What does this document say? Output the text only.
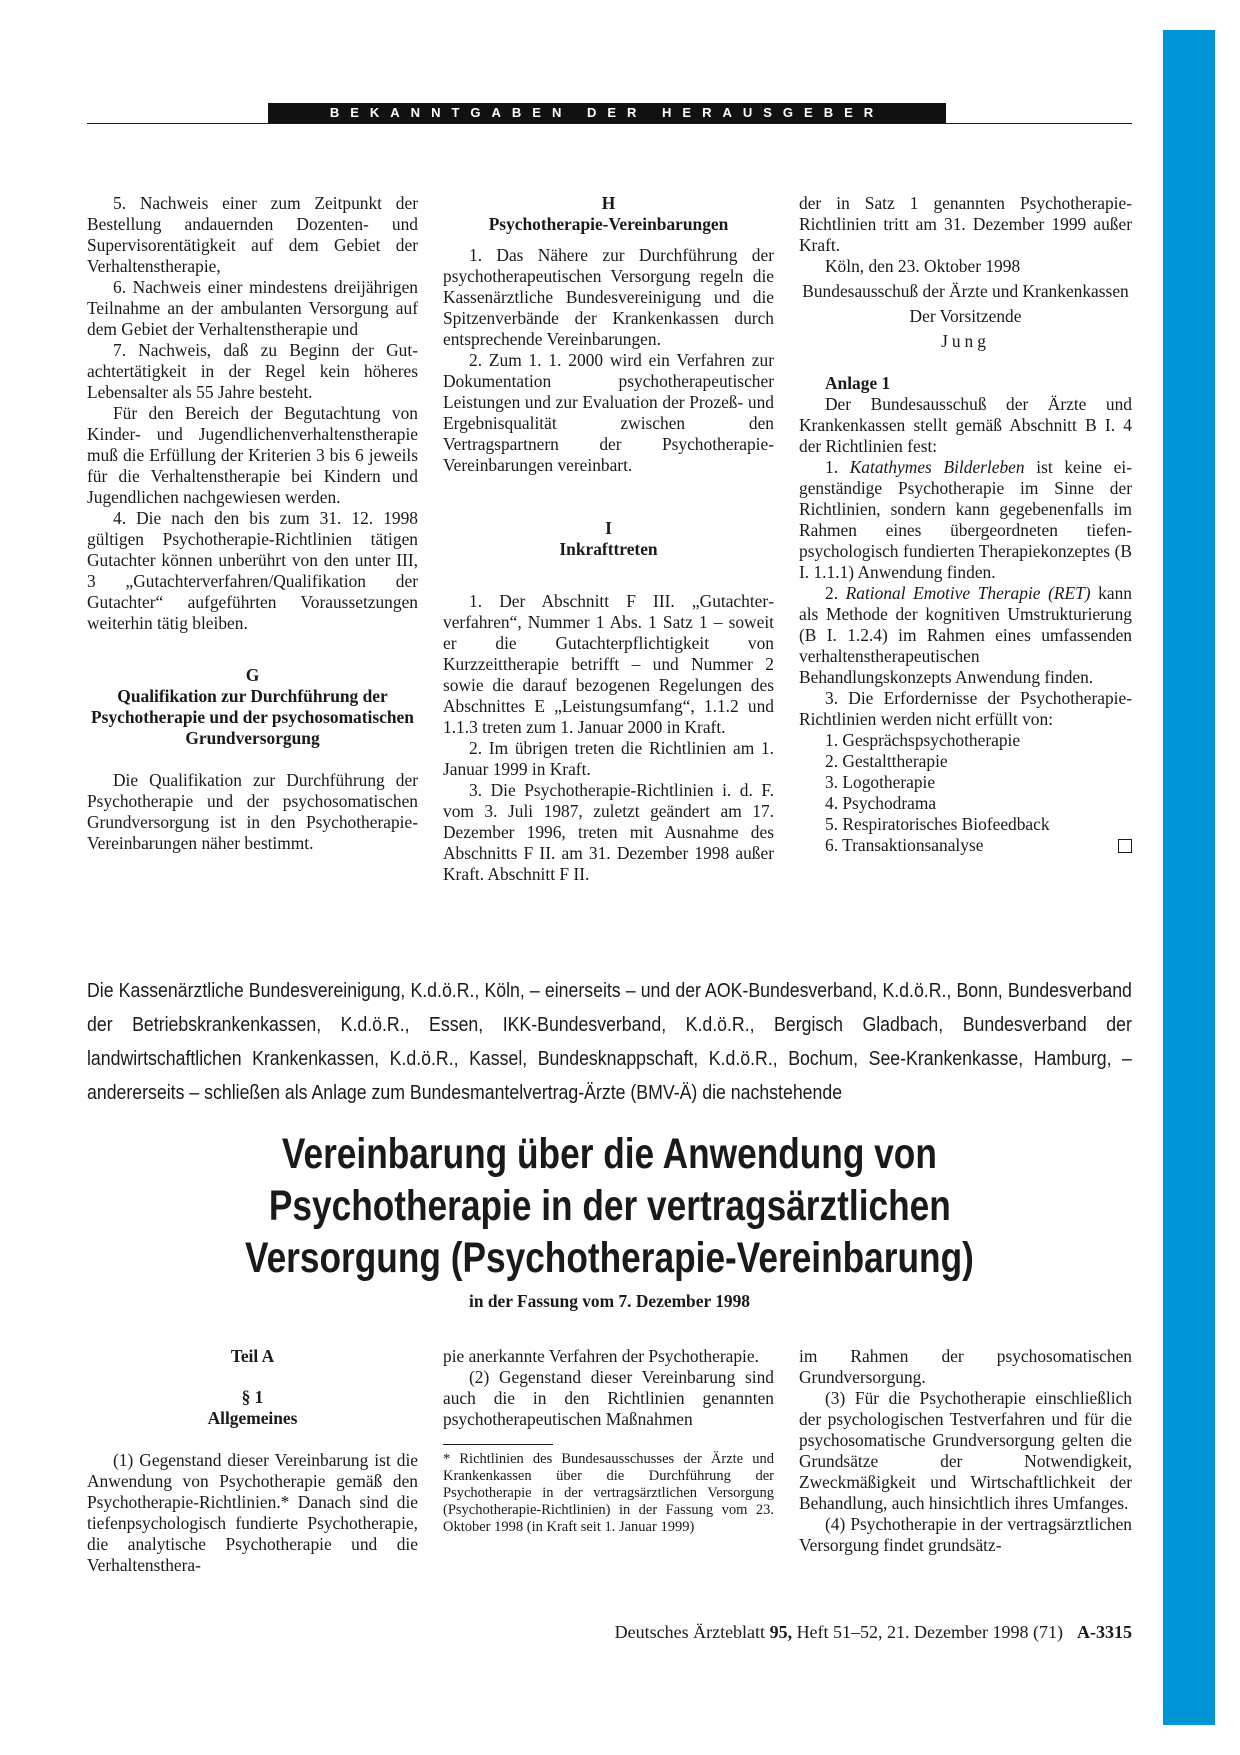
BEKANNTGABEN DER HERAUSGEBER

5. Nachweis einer zum Zeitpunkt der Bestellung andauernden Dozenten- und Supervisorentätigkeit auf dem Gebiet der Verhaltenstherapie,

6. Nachweis einer mindestens dreijährigen Teilnahme an der ambulanten Versorgung auf dem Gebiet der Verhaltenstherapie und

7. Nachweis, daß zu Beginn der Gutachtertätigkeit in der Regel kein höheres Lebensalter als 55 Jahre besteht.

Für den Bereich der Begutachtung von Kinder- und Jugendlichenverhaltenstherapie muß die Erfüllung der Kriterien 3 bis 6 jeweils für die Verhaltenstherapie bei Kindern und Jugendlichen nachgewiesen werden.

4. Die nach den bis zum 31. 12. 1998 gültigen Psychotherapie-Richtlinien tätigen Gutachter können unberührt von den unter III, 3 „Gutachterverfahren/Qualifikation der Gutachter“ aufgeführten Voraussetzungen weiterhin tätig bleiben.

G

Qualifikation zur Durchführung der Psychotherapie und der psychosomatischen Grundversorgung

Die Qualifikation zur Durchführung der Psychotherapie und der psychosomatischen Grundversorgung ist in den Psychotherapie-Vereinbarungen näher bestimmt.

H

Psychotherapie-Vereinbarungen

1. Das Nähere zur Durchführung der psychotherapeutischen Versorgung regeln die Kassenärztliche Bundesvereinigung und die Spitzenverbände der Krankenkassen durch entsprechende Vereinbarungen.

2. Zum 1. 1. 2000 wird ein Verfahren zur Dokumentation psychotherapeutischer Leistungen und zur Evaluation der Prozeß- und Ergebnisqualität zwischen den Vertragspartnern der Psychotherapie-Vereinbarungen vereinbart.

I

Inkrafttreten

1. Der Abschnitt F III. „Gutachterverfahren“, Nummer 1 Abs. 1 Satz 1 – soweit er die Gutachterpflichtigkeit von Kurzzeittherapie betrifft – und Nummer 2 sowie die darauf bezogenen Regelungen des Abschnittes E „Leistungsumfang“, 1.1.2 und 1.1.3 treten zum 1. Januar 2000 in Kraft.

2. Im übrigen treten die Richtlinien am 1. Januar 1999 in Kraft.

3. Die Psychotherapie-Richtlinien i. d. F. vom 3. Juli 1987, zuletzt geändert am 17. Dezember 1996, treten mit Ausnahme des Abschnitts F II. am 31. Dezember 1998 außer Kraft. Abschnitt F II.

der in Satz 1 genannten Psychotherapie-Richtlinien tritt am 31. Dezember 1999 außer Kraft.

Köln, den 23. Oktober 1998

Bundesausschuß der Ärzte und Krankenkassen

Der Vorsitzende

Jung

Anlage 1

Der Bundesausschuß der Ärzte und Krankenkassen stellt gemäß Abschnitt B I. 4 der Richtlinien fest:

1. Katathymes Bilderleben ist keine eigenständige Psychotherapie im Sinne der Richtlinien, sondern kann gegebenenfalls im Rahmen eines übergeordneten tiefenpsychologisch fundierten Therapiekonzeptes (B I. 1.1.1) Anwendung finden.

2. Rational Emotive Therapie (RET) kann als Methode der kognitiven Umstrukturierung (B I. 1.2.4) im Rahmen eines umfassenden verhaltenstherapeutischen Behandlungskonzepts Anwendung finden.

3. Die Erfordernisse der Psychotherapie-Richtlinien werden nicht erfüllt von:

1. Gesprächspsychotherapie
2. Gestalttherapie
3. Logotherapie
4. Psychodrama
5. Respiratorisches Biofeedback
6. Transaktionsanalyse
Die Kassenärztliche Bundesvereinigung, K.d.ö.R., Köln, – einerseits – und der AOK-Bundesverband, K.d.ö.R., Bonn, Bundesverband der Betriebskrankenkassen, K.d.ö.R., Essen, IKK-Bundesverband, K.d.ö.R., Bergisch Gladbach, Bundesverband der landwirtschaftlichen Krankenkassen, K.d.ö.R., Kassel, Bundesknappschaft, K.d.ö.R., Bochum, See-Krankenkasse, Hamburg, – andererseits – schließen als Anlage zum Bundesmantelvertrag-Ärzte (BMV-Ä) die nachstehende
Vereinbarung über die Anwendung von
Psychotherapie in der vertragsärztlichen
Versorgung (Psychotherapie-Vereinbarung)
in der Fassung vom 7. Dezember 1998

Teil A

§ 1

Allgemeines

(1) Gegenstand dieser Vereinbarung ist die Anwendung von Psychotherapie gemäß den Psychotherapie-Richtlinien.* Danach sind die tiefenpsychologisch fundierte Psychotherapie, die analytische Psychotherapie und die Verhaltensthera-

pie anerkannte Verfahren der Psychotherapie.

(2) Gegenstand dieser Vereinbarung sind auch die in den Richtlinien genannten psychotherapeutischen Maßnahmen

* Richtlinien des Bundesausschusses der Ärzte und Krankenkassen über die Durchführung der Psychotherapie in der vertragsärztlichen Versorgung (Psychotherapie-Richtlinien) in der Fassung vom 23. Oktober 1998 (in Kraft seit 1. Januar 1999)

im Rahmen der psychosomatischen Grundversorgung.

(3) Für die Psychotherapie einschließlich der psychologischen Testverfahren und für die psychosomatische Grundversorgung gelten die Grundsätze der Notwendigkeit, Zweckmäßigkeit und Wirtschaftlichkeit der Behandlung, auch hinsichtlich ihres Umfanges.

(4) Psychotherapie in der vertragsärztlichen Versorgung findet grundsätz-

Deutsches Ärzteblatt 95, Heft 51–52, 21. Dezember 1998 (71) A-3315
